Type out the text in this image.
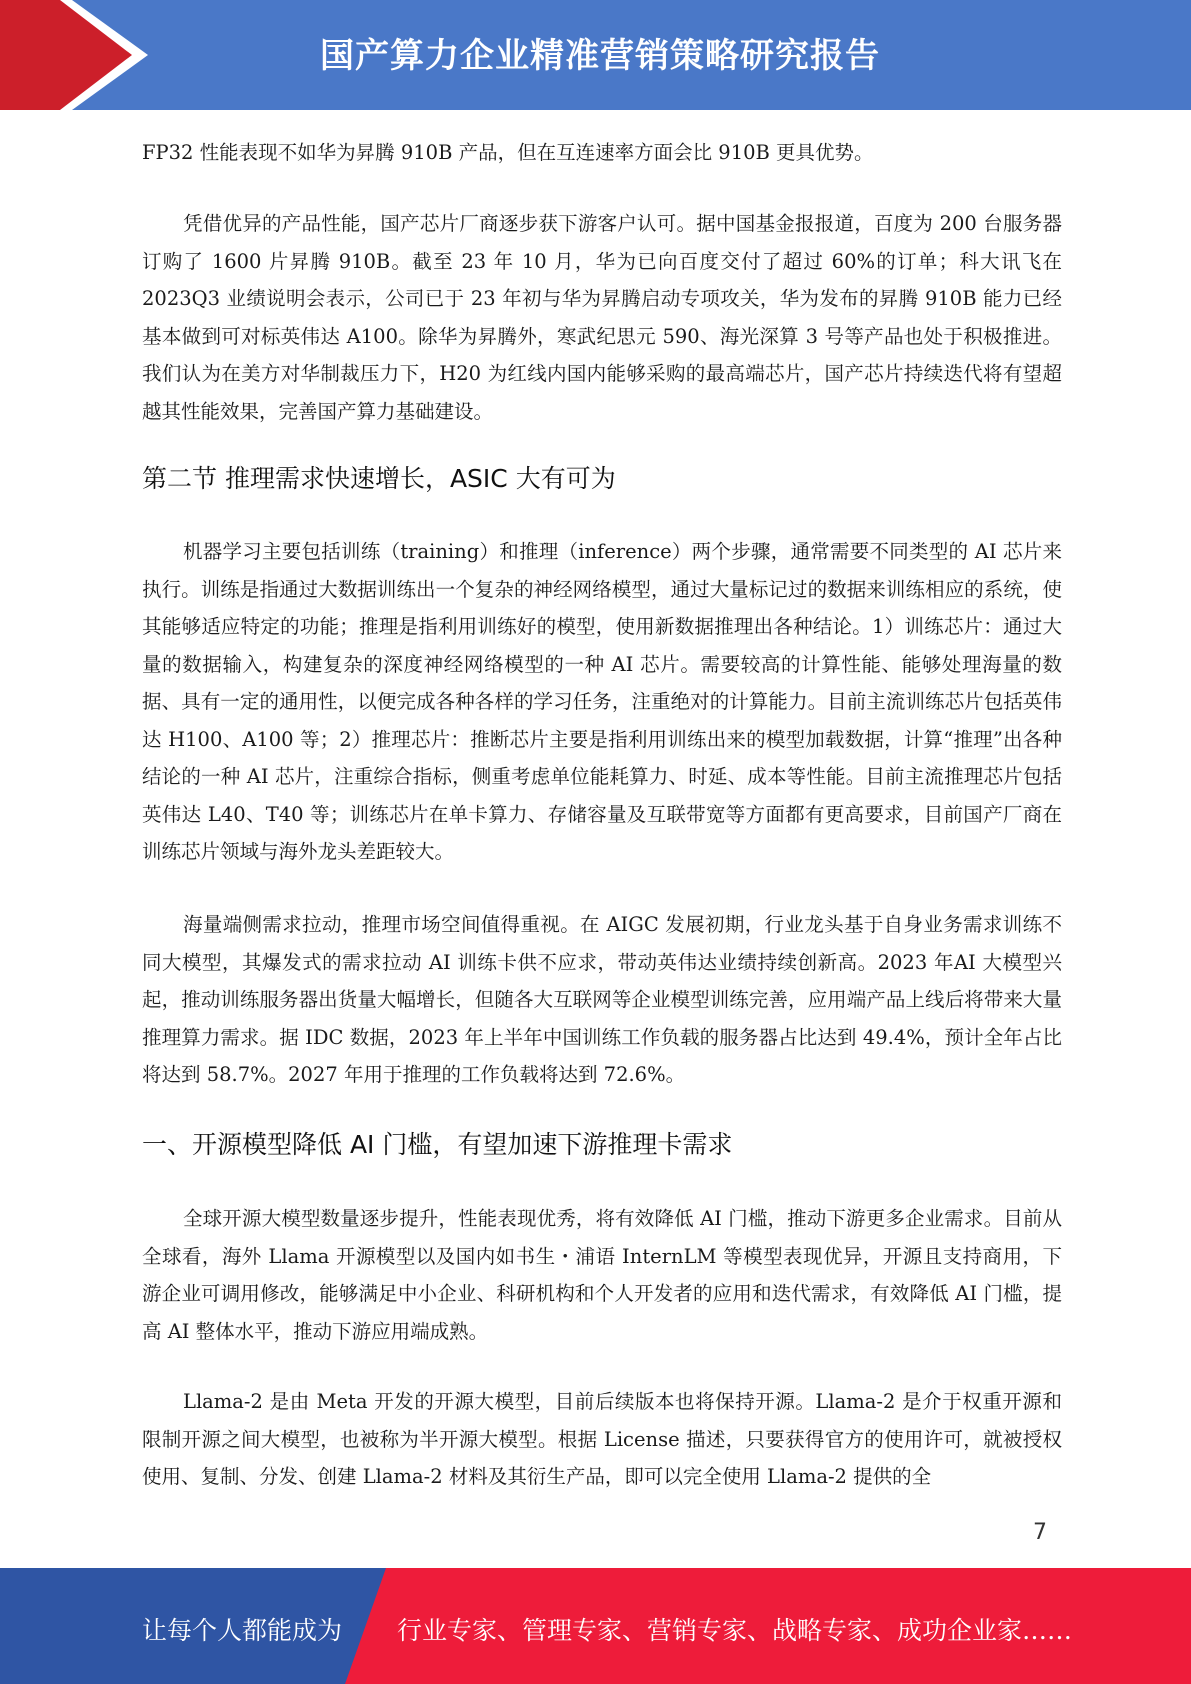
国产算力企业精准营销策略研究报告

FP32 性能表现不如华为昇腾 910B 产品，但在互连速率方面会比 910B 更具优势。

凭借优异的产品性能，国产芯片厂商逐步获下游客户认可。据中国基金报报道，百度为 200 台服务器订购了 1600 片昇腾 910B。截至 23 年 10 月，华为已向百度交付了超过 60%的订单；科大讯飞在 2023Q3 业绩说明会表示，公司已于 23 年初与华为昇腾启动专项攻关，华为发布的昇腾 910B 能力已经基本做到可对标英伟达 A100。除华为昇腾外，寒武纪思元 590、海光深算 3 号等产品也处于积极推进。我们认为在美方对华制裁压力下，H20 为红线内国内能够采购的最高端芯片，国产芯片持续迭代将有望超越其性能效果，完善国产算力基础建设。

第二节 推理需求快速增长，ASIC 大有可为

机器学习主要包括训练（training）和推理（inference）两个步骤，通常需要不同类型的 AI 芯片来执行。训练是指通过大数据训练出一个复杂的神经网络模型，通过大量标记过的数据来训练相应的系统，使其能够适应特定的功能；推理是指利用训练好的模型，使用新数据推理出各种结论。1）训练芯片：通过大量的数据输入，构建复杂的深度神经网络模型的一种 AI 芯片。需要较高的计算性能、能够处理海量的数据、具有一定的通用性，以便完成各种各样的学习任务，注重绝对的计算能力。目前主流训练芯片包括英伟达 H100、A100 等；2）推理芯片：推断芯片主要是指利用训练出来的模型加载数据，计算“推理”出各种结论的一种 AI 芯片，注重综合指标，侧重考虑单位能耗算力、时延、成本等性能。目前主流推理芯片包括英伟达 L40、T40 等；训练芯片在单卡算力、存储容量及互联带宽等方面都有更高要求，目前国产厂商在训练芯片领域与海外龙头差距较大。

海量端侧需求拉动，推理市场空间值得重视。在 AIGC 发展初期，行业龙头基于自身业务需求训练不同大模型，其爆发式的需求拉动 AI 训练卡供不应求，带动英伟达业绩持续创新高。2023 年AI 大模型兴起，推动训练服务器出货量大幅增长，但随各大互联网等企业模型训练完善，应用端产品上线后将带来大量推理算力需求。据 IDC 数据，2023 年上半年中国训练工作负载的服务器占比达到 49.4%，预计全年占比将达到 58.7%。2027 年用于推理的工作负载将达到 72.6%。

一、开源模型降低 AI 门槛，有望加速下游推理卡需求

全球开源大模型数量逐步提升，性能表现优秀，将有效降低 AI 门槛，推动下游更多企业需求。目前从全球看，海外 Llama 开源模型以及国内如书生・浦语 InternLM 等模型表现优异，开源且支持商用，下游企业可调用修改，能够满足中小企业、科研机构和个人开发者的应用和迭代需求，有效降低 AI 门槛，提高 AI 整体水平，推动下游应用端成熟。

Llama-2 是由 Meta 开发的开源大模型，目前后续版本也将保持开源。Llama-2 是介于权重开源和限制开源之间大模型，也被称为半开源大模型。根据 License 描述，只要获得官方的使用许可，就被授权使用、复制、分发、创建 Llama-2 材料及其衍生产品，即可以完全使用 Llama-2 提供的全

7
让每个人都能成为 行业专家、管理专家、营销专家、战略专家、成功企业家……
